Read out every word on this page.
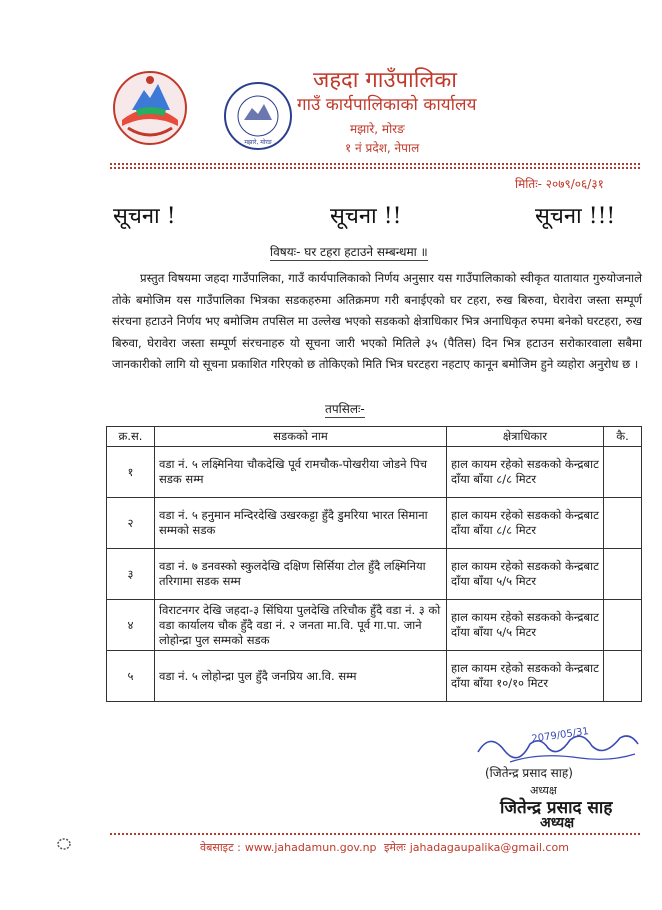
मझारे, मोरङ
जहदा गाउँपालिका
गाउँ कार्यपालिकाको कार्यालय
मझारे, मोरङ
१ नं प्रदेश, नेपाल
मितिः- २०७९/०६/३१
सूचना !	सूचना !!	सूचना !!!
विषयः- घर टहरा हटाउने सम्बन्धमा ॥
प्रस्तुत विषयमा जहदा गाउँपालिका, गाउँ कार्यपालिकाको निर्णय अनुसार यस गाउँपालिकाको स्वीकृत यातायात गुरुयोजनाले तोके बमोजिम यस गाउँपालिका भित्रका सडकहरुमा अतिक्रमण गरी बनाईएको घर टहरा, रुख बिरुवा, घेरावेरा जस्ता सम्पूर्ण संरचना हटाउने निर्णय भए बमोजिम तपसिल मा उल्लेख भएको सडकको क्षेत्राधिकार भित्र अनाधिकृत रुपमा बनेको घरटहरा, रुख बिरुवा, घेरावेरा जस्ता सम्पूर्ण संरचनाहरु यो सूचना जारी भएको मितिले ३५ (पैतिस) दिन भित्र हटाउन सरोकारवाला सबैमा जानकारीको लागि यो सूचना प्रकाशित गरिएको छ तोकिएको मिति भित्र घरटहरा नहटाए कानून बमोजिम हुने व्यहोरा अनुरोध छ ।
तपसिलः-
क्र.स.	सडकको नाम	क्षेत्राधिकार	कै.
१	वडा नं. ५ लक्ष्मिनिया चौकदेखि पूर्व रामचौक-पोखरीया जोडने पिच सडक सम्म	हाल कायम रहेको सडकको केन्द्रबाट दाँया बाँया ८/८ मिटर	
२	वडा नं. ५ हनुमान मन्दिरदेखि उखरकट्टा हुँदै डुमरिया भारत सिमाना सम्मको सडक	हाल कायम रहेको सडकको केन्द्रबाट दाँया बाँया ८/८ मिटर	
३	वडा नं. ७ डनवस्को स्कुलदेखि दक्षिण सिर्सिया टोल हुँदै लक्ष्मिनिया तरिगामा सडक सम्म	हाल कायम रहेको सडकको केन्द्रबाट दाँया बाँया ५/५ मिटर	
४	विराटनगर देखि जहदा-३ सिंघिया पुलदेखि तरिचौक हुँदै वडा नं. ३ को वडा कार्यालय चौक हुँदै वडा नं. २ जनता मा.वि. पूर्व गा.पा. जाने लोहोन्द्रा पुल सम्मको सडक	हाल कायम रहेको सडकको केन्द्रबाट दाँया बाँया ५/५ मिटर	
५	वडा नं. ५ लोहोन्द्रा पुल हुँदै जनप्रिय आ.वि. सम्म	हाल कायम रहेको सडकको केन्द्रबाट दाँया बाँया १०/१० मिटर	
2079/05/31
(जितेन्द्र प्रसाद साह)
अध्यक्ष
जितेन्द्र प्रसाद साह
अध्यक्ष
वेबसाइट : www.jahadamun.gov.np इमेलः jahadagaupalika@gmail.com
